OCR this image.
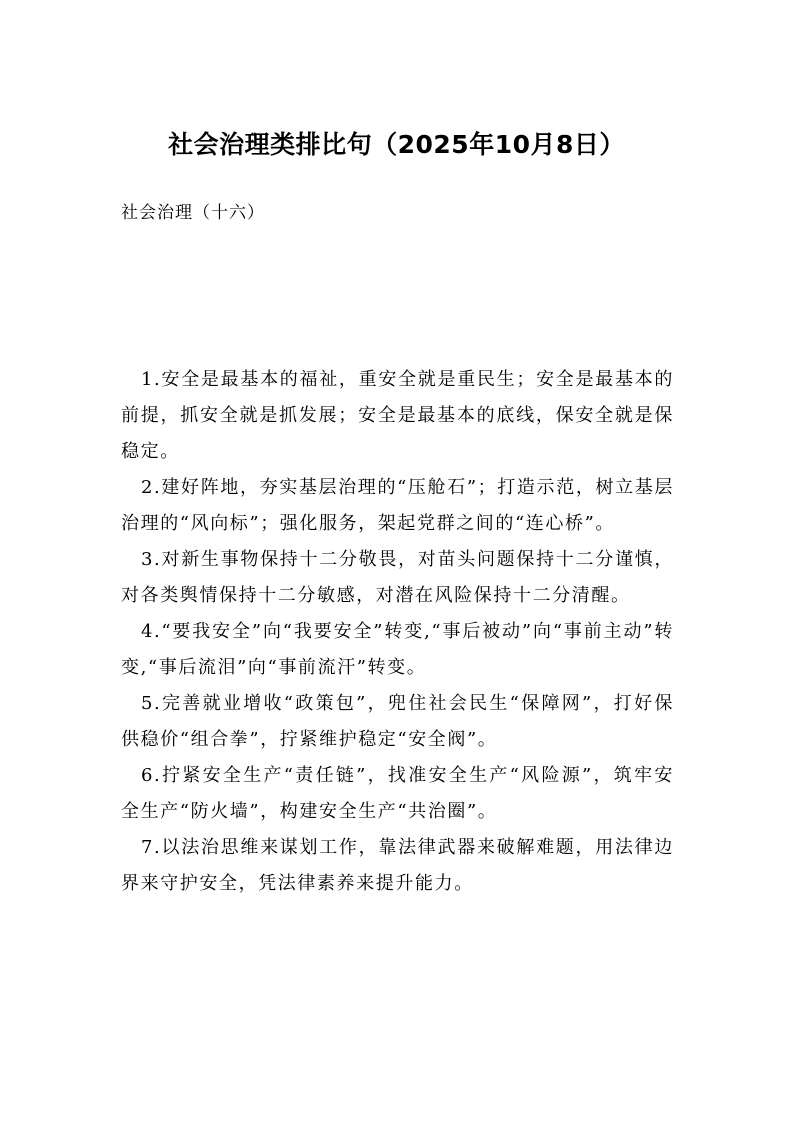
社会治理类排比句（2025年10月8日）
社会治理（十六）

1.安全是最基本的福祉，重安全就是重民生；安全是最基本的前提，抓安全就是抓发展；安全是最基本的底线，保安全就是保稳定。

2.建好阵地，夯实基层治理的“压舱石”；打造示范，树立基层治理的“风向标”；强化服务，架起党群之间的“连心桥”。

3.对新生事物保持十二分敬畏，对苗头问题保持十二分谨慎，对各类舆情保持十二分敏感，对潜在风险保持十二分清醒。

4.“要我安全”向“我要安全”转变,“事后被动”向“事前主动”转变,“事后流泪”向“事前流汗”转变。

5.完善就业增收“政策包”，兜住社会民生“保障网”，打好保供稳价“组合拳”，拧紧维护稳定“安全阀”。

6.拧紧安全生产“责任链”，找准安全生产“风险源”，筑牢安全生产“防火墙”，构建安全生产“共治圈”。

7.以法治思维来谋划工作，靠法律武器来破解难题，用法律边界来守护安全，凭法律素养来提升能力。
